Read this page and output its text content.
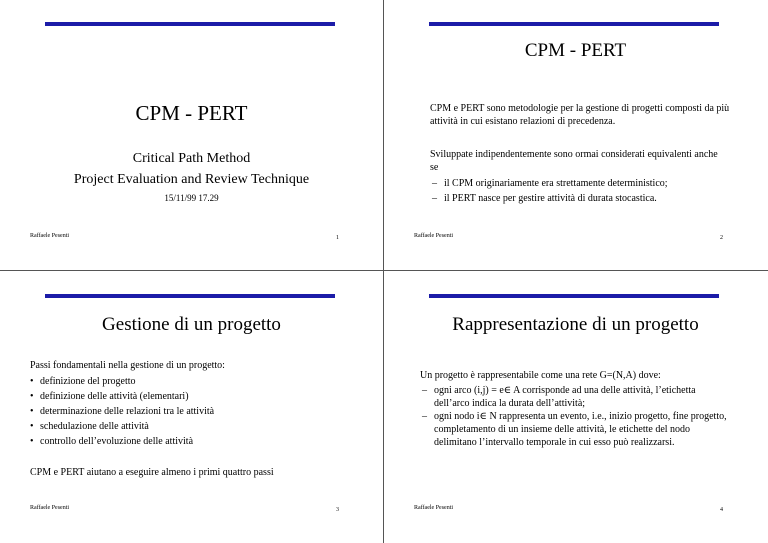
CPM - PERT
Critical Path Method
Project Evaluation and Review Technique
15/11/99 17.29
Raffaele Pesenti	1
CPM - PERT
CPM e PERT sono metodologie per la gestione di progetti composti da più attività in cui esistano relazioni di precedenza.
Sviluppate indipendentemente sono ormai considerati equivalenti anche se
– il CPM originariamente era strettamente deterministico;
– il PERT nasce per gestire attività di durata stocastica.
Raffaele Pesenti	2
Gestione di un progetto
Passi fondamentali nella gestione di un progetto:
• definizione del progetto
• definizione delle attività (elementari)
• determinazione delle relazioni tra le attività
• schedulazione delle attività
• controllo dell’evoluzione delle attività
CPM e PERT aiutano a eseguire almeno i primi quattro passi
Raffaele Pesenti	3
Rappresentazione di un progetto
Un progetto è rappresentabile come una rete G=(N,A) dove:
– ogni arco (i,j) = e∈ A corrisponde ad una delle attività, l’etichetta dell’arco indica la durata dell’attività;
– ogni nodo i∈ N rappresenta un evento, i.e., inizio progetto, fine progetto, completamento di un insieme delle attività, le etichette del nodo delimitano l’intervallo temporale in cui esso può realizzarsi.
Raffaele Pesenti	4
